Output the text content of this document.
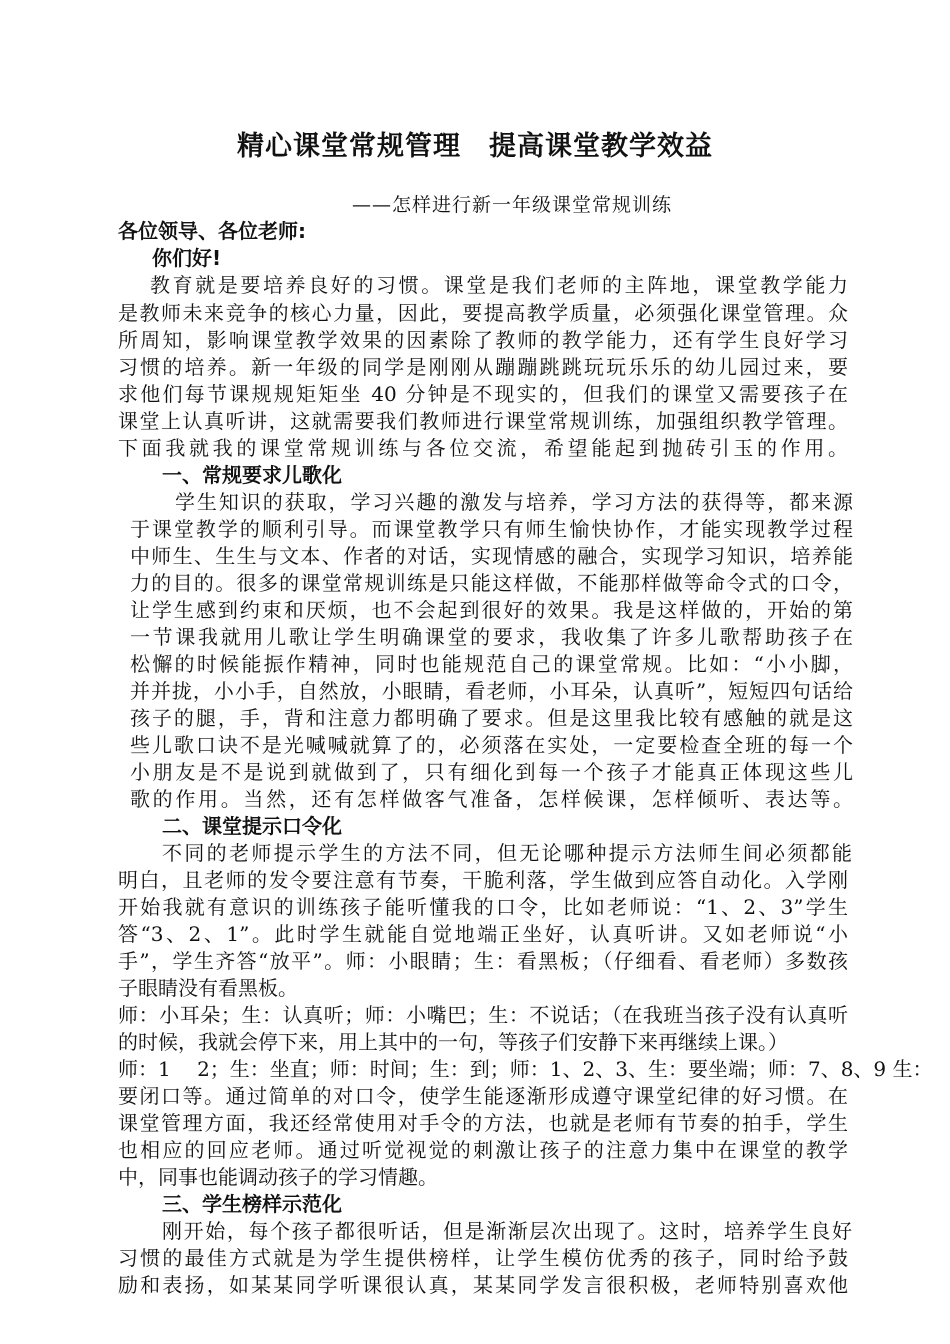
精心课堂常规管理　提高课堂教学效益
——怎样进行新一年级课堂常规训练
各位领导、各位老师:
你们好!
教育就是要培养良好的习惯。课堂是我们老师的主阵地，课堂教学能力
是教师未来竞争的核心力量，因此，要提高教学质量，必须强化课堂管理。众
所周知，影响课堂教学效果的因素除了教师的教学能力，还有学生良好学习
习惯的培养。新一年级的同学是刚刚从蹦蹦跳跳玩玩乐乐的幼儿园过来，要
求他们每节课规规矩矩坐 40 分钟是不现实的，但我们的课堂又需要孩子在
课堂上认真听讲，这就需要我们教师进行课堂常规训练，加强组织教学管理。
下面我就我的课堂常规训练与各位交流，希望能起到抛砖引玉的作用。
一、常规要求儿歌化
学生知识的获取，学习兴趣的激发与培养，学习方法的获得等，都来源
于课堂教学的顺利引导。而课堂教学只有师生愉快协作，才能实现教学过程
中师生、生生与文本、作者的对话，实现情感的融合，实现学习知识，培养能
力的目的。很多的课堂常规训练是只能这样做，不能那样做等命令式的口令，
让学生感到约束和厌烦，也不会起到很好的效果。我是这样做的，开始的第
一节课我就用儿歌让学生明确课堂的要求，我收集了许多儿歌帮助孩子在
松懈的时候能振作精神，同时也能规范自己的课堂常规。比如：“小小脚，
并并拢，小小手，自然放，小眼睛，看老师，小耳朵，认真听”，短短四句话给
孩子的腿，手，背和注意力都明确了要求。但是这里我比较有感触的就是这
些儿歌口诀不是光喊喊就算了的，必须落在实处，一定要检查全班的每一个
小朋友是不是说到就做到了，只有细化到每一个孩子才能真正体现这些儿
歌的作用。当然，还有怎样做客气准备，怎样候课，怎样倾听、表达等。
二、课堂提示口令化
不同的老师提示学生的方法不同，但无论哪种提示方法师生间必须都能
明白，且老师的发令要注意有节奏，干脆利落，学生做到应答自动化。入学刚
开始我就有意识的训练孩子能听懂我的口令，比如老师说：“1、2、3”学生
答“3、2、1”。此时学生就能自觉地端正坐好，认真听讲。又如老师说“小
手”，学生齐答“放平”。师：小眼睛；生：看黑板；（仔细看、看老师）多数孩
子眼睛没有看黑板。
师：小耳朵；生：认真听；师：小嘴巴；生：不说话；（在我班当孩子没有认真听
的时候，我就会停下来，用上其中的一句，等孩子们安静下来再继续上课。）
师：1　 2；生：坐直；师：时间；生：到；师：1、2、3、生：要坐端；师：7、8、9 生：
要闭口等。通过简单的对口令，使学生能逐渐形成遵守课堂纪律的好习惯。在
课堂管理方面，我还经常使用对手令的方法，也就是老师有节奏的拍手，学生
也相应的回应老师。通过听觉视觉的刺激让孩子的注意力集中在课堂的教学
中，同事也能调动孩子的学习情趣。
三、学生榜样示范化
刚开始，每个孩子都很听话，但是渐渐层次出现了。这时，培养学生良好
习惯的最佳方式就是为学生提供榜样，让学生模仿优秀的孩子，同时给予鼓
励和表扬，如某某同学听课很认真，某某同学发言很积极，老师特别喜欢他
